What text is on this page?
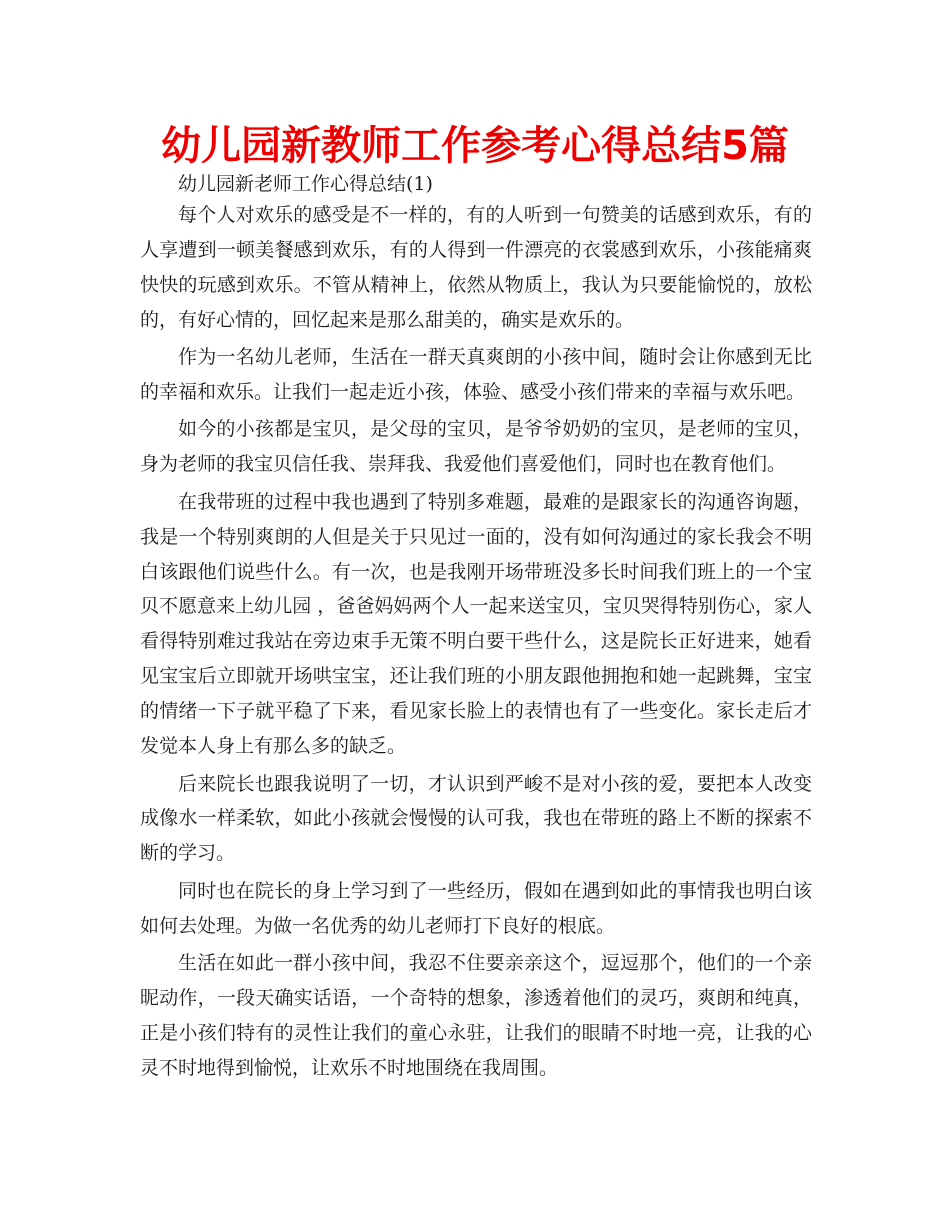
幼儿园新教师工作参考心得总结5篇
幼儿园新老师工作心得总结(1)

每个人对欢乐的感受是不一样的，有的人听到一句赞美的话感到欢乐，有的人享遭到一顿美餐感到欢乐，有的人得到一件漂亮的衣裳感到欢乐，小孩能痛爽快快的玩感到欢乐。不管从精神上，依然从物质上，我认为只要能愉悦的，放松的，有好心情的，回忆起来是那么甜美的，确实是欢乐的。

作为一名幼儿老师，生活在一群天真爽朗的小孩中间，随时会让你感到无比的幸福和欢乐。让我们一起走近小孩，体验、感受小孩们带来的幸福与欢乐吧。

如今的小孩都是宝贝，是父母的宝贝，是爷爷奶奶的宝贝，是老师的宝贝，身为老师的我宝贝信任我、崇拜我、我爱他们喜爱他们，同时也在教育他们。

在我带班的过程中我也遇到了特别多难题，最难的是跟家长的沟通咨询题，我是一个特别爽朗的人但是关于只见过一面的，没有如何沟通过的家长我会不明白该跟他们说些什么。有一次，也是我刚开场带班没多长时间我们班上的一个宝贝不愿意来上幼儿园 ，爸爸妈妈两个人一起来送宝贝，宝贝哭得特别伤心，家人看得特别难过我站在旁边束手无策不明白要干些什么，这是院长正好进来，她看见宝宝后立即就开场哄宝宝，还让我们班的小朋友跟他拥抱和她一起跳舞，宝宝的情绪一下子就平稳了下来，看见家长脸上的表情也有了一些变化。家长走后才发觉本人身上有那么多的缺乏。

后来院长也跟我说明了一切，才认识到严峻不是对小孩的爱，要把本人改变成像水一样柔软，如此小孩就会慢慢的认可我，我也在带班的路上不断的探索不断的学习。

同时也在院长的身上学习到了一些经历，假如在遇到如此的事情我也明白该如何去处理。为做一名优秀的幼儿老师打下良好的根底。

生活在如此一群小孩中间，我忍不住要亲亲这个，逗逗那个，他们的一个亲昵动作，一段天确实话语，一个奇特的想象，渗透着他们的灵巧，爽朗和纯真，正是小孩们特有的灵性让我们的童心永驻，让我们的眼睛不时地一亮，让我的心灵不时地得到愉悦，让欢乐不时地围绕在我周围。
